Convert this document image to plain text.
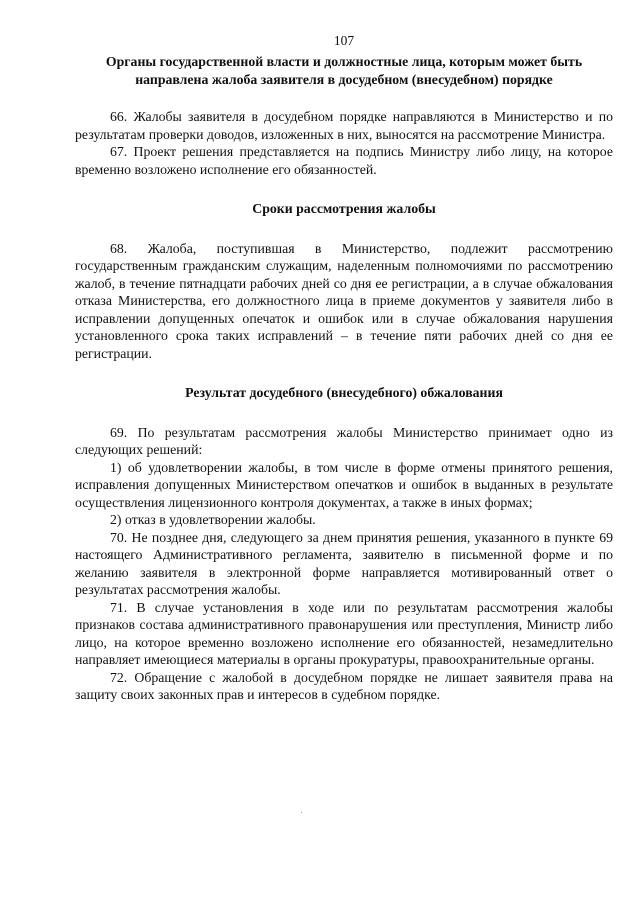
107
Органы государственной власти и должностные лица, которым может быть направлена жалоба заявителя в досудебном (внесудебном) порядке

66. Жалобы заявителя в досудебном порядке направляются в Министерство и по результатам проверки доводов, изложенных в них, выносятся на рассмотрение Министра.

67. Проект решения представляется на подпись Министру либо лицу, на которое временно возложено исполнение его обязанностей.

Сроки рассмотрения жалобы

68. Жалоба, поступившая в Министерство, подлежит рассмотрению государственным гражданским служащим, наделенным полномочиями по рассмотрению жалоб, в течение пятнадцати рабочих дней со дня ее регистрации, а в случае обжалования отказа Министерства, его должностного лица в приеме документов у заявителя либо в исправлении допущенных опечаток и ошибок или в случае обжалования нарушения установленного срока таких исправлений – в течение пяти рабочих дней со дня ее регистрации.

Результат досудебного (внесудебного) обжалования

69. По результатам рассмотрения жалобы Министерство принимает одно из следующих решений:

1) об удовлетворении жалобы, в том числе в форме отмены принятого решения, исправления допущенных Министерством опечатков и ошибок в выданных в результате осуществления лицензионного контроля документах, а также в иных формах;

2) отказ в удовлетворении жалобы.

70. Не позднее дня, следующего за днем принятия решения, указанного в пункте 69 настоящего Административного регламента, заявителю в письменной форме и по желанию заявителя в электронной форме направляется мотивированный ответ о результатах рассмотрения жалобы.

71. В случае установления в ходе или по результатам рассмотрения жалобы признаков состава административного правонарушения или преступления, Министр либо лицо, на которое временно возложено исполнение его обязанностей, незамедлительно направляет имеющиеся материалы в органы прокуратуры, правоохранительные органы.

72. Обращение с жалобой в досудебном порядке не лишает заявителя права на защиту своих законных прав и интересов в судебном порядке.
